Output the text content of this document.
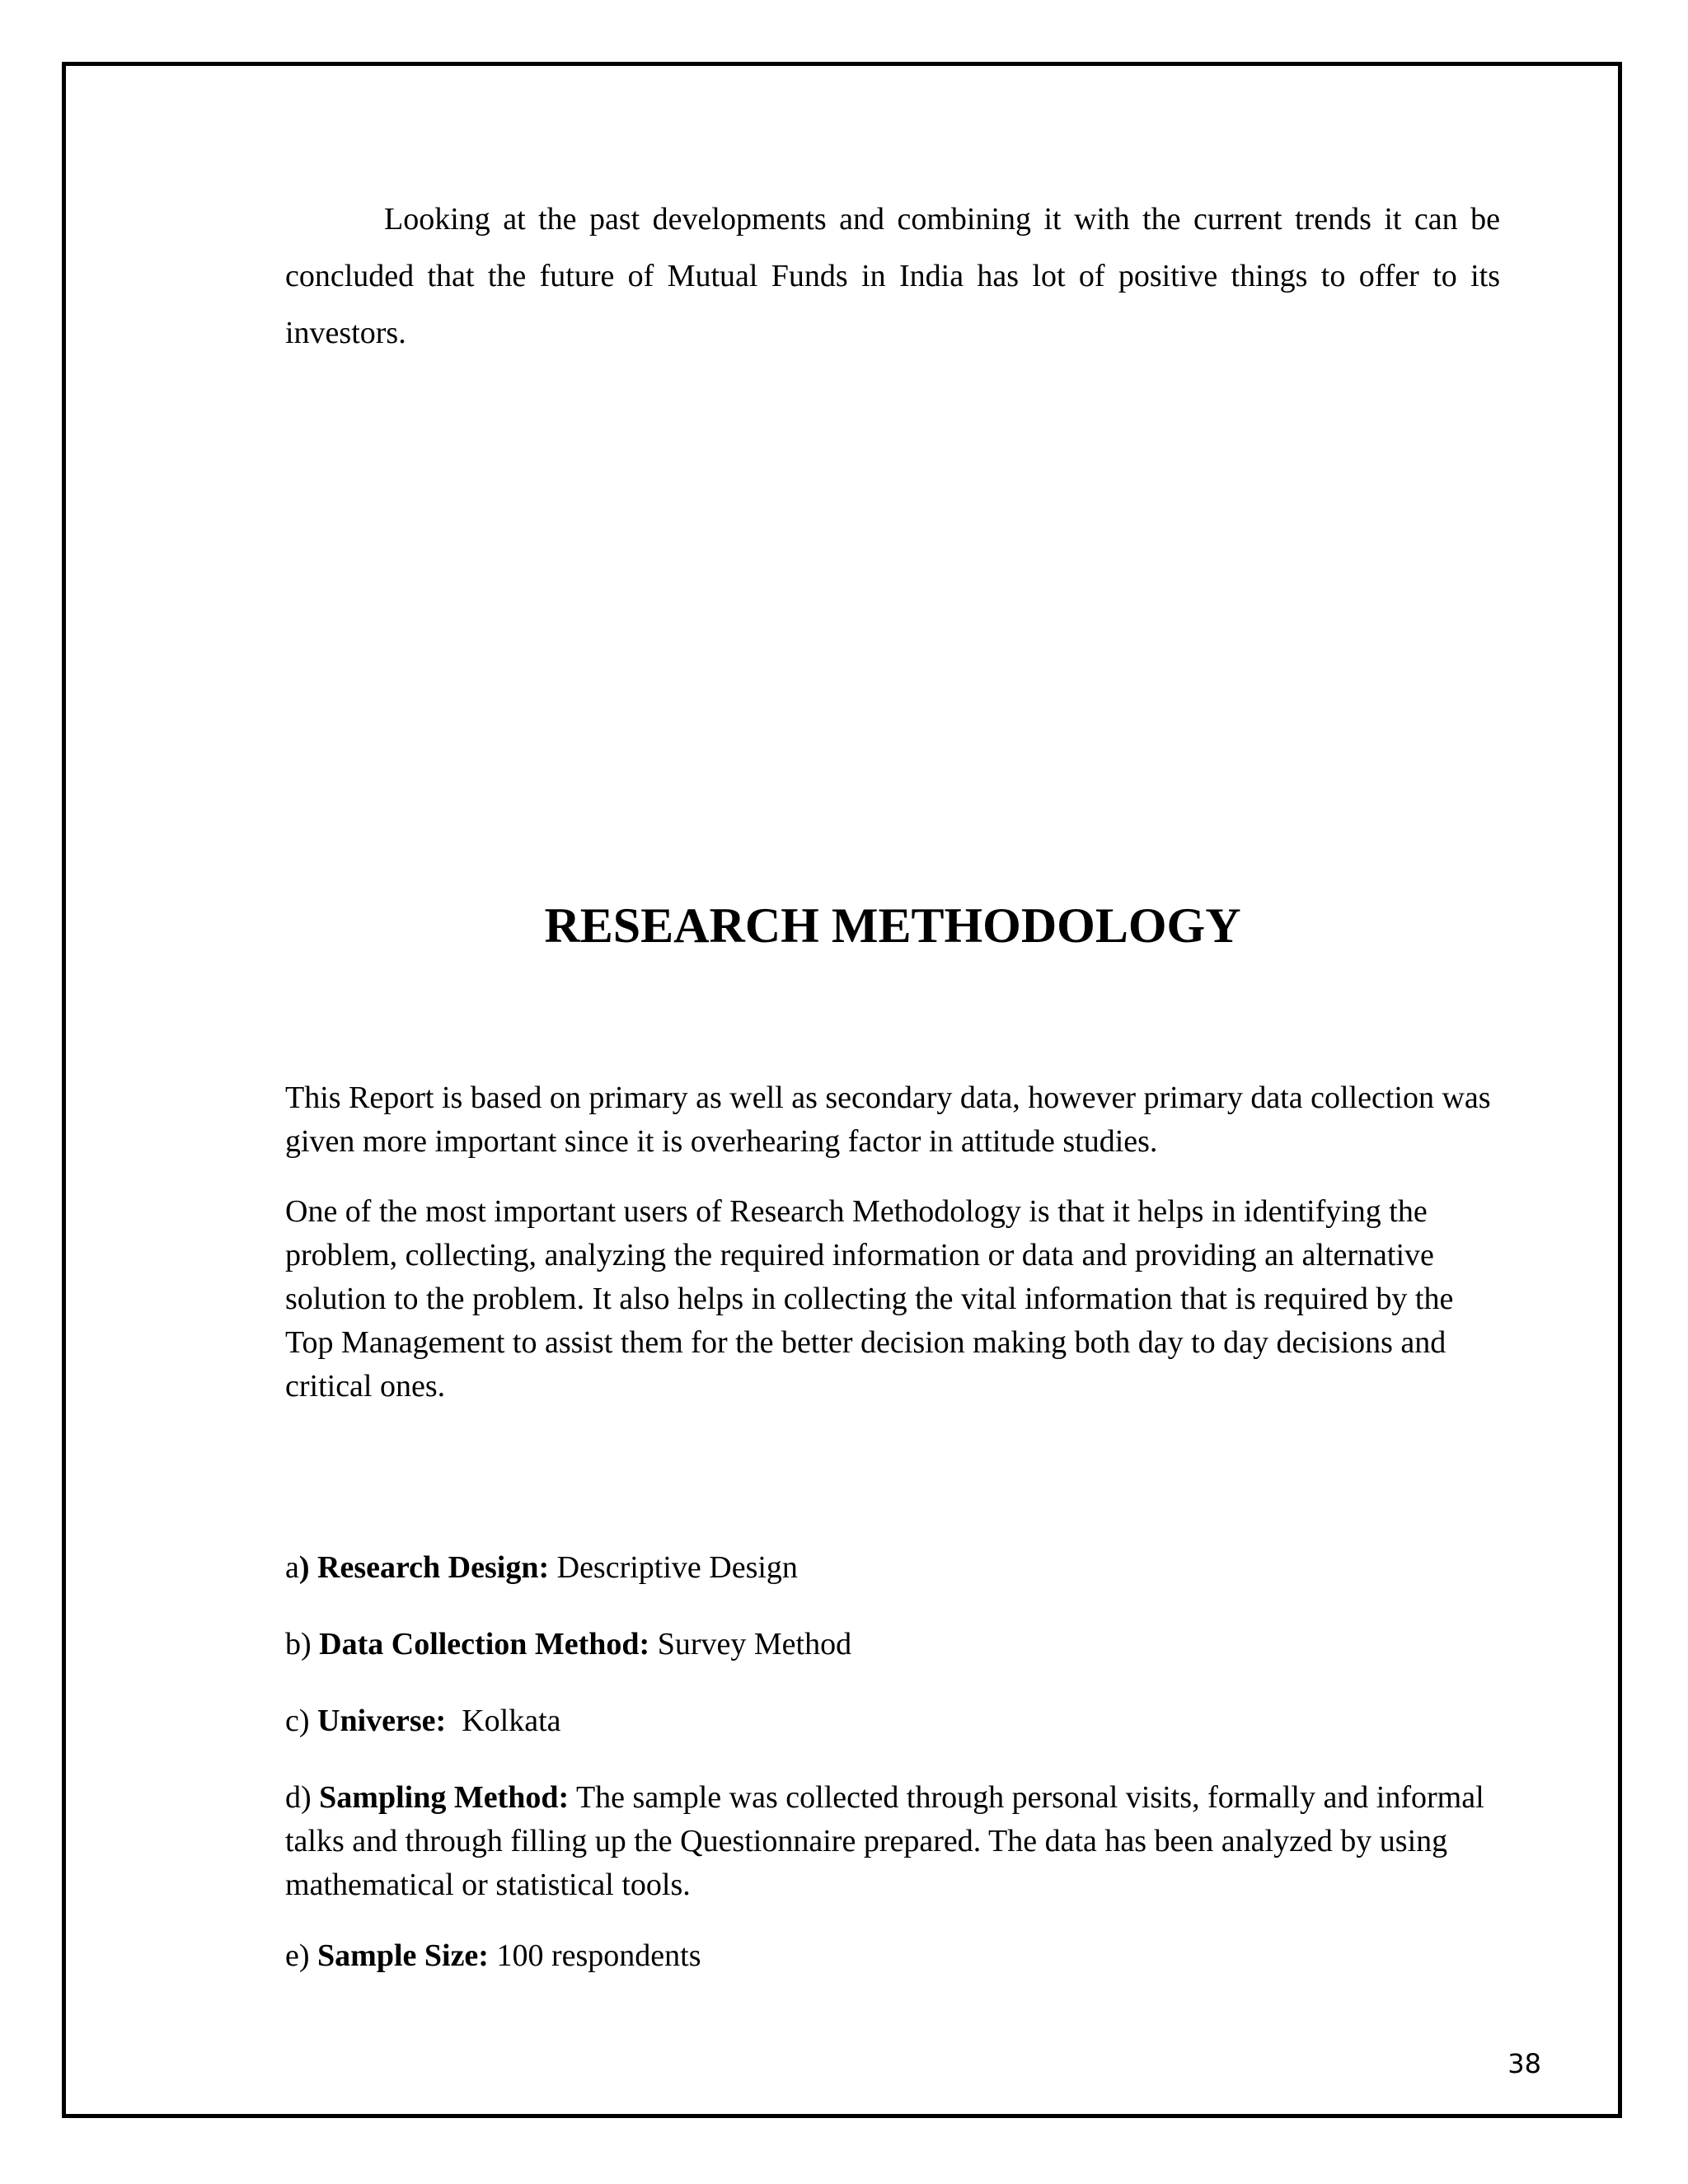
Looking at the past developments and combining it with the current trends it can be concluded that the future of Mutual Funds in India has lot of positive things to offer to its investors.

RESEARCH METHODOLOGY

This Report is based on primary as well as secondary data, however primary data collection was given more important since it is overhearing factor in attitude studies.

One of the most important users of Research Methodology is that it helps in identifying the problem, collecting, analyzing the required information or data and providing an alternative solution to the problem. It also helps in collecting the vital information that is required by the Top Management to assist them for the better decision making both day to day decisions and critical ones.

a) Research Design: Descriptive Design

b) Data Collection Method: Survey Method

c) Universe:  Kolkata

d) Sampling Method: The sample was collected through personal visits, formally and informal talks and through filling up the Questionnaire prepared. The data has been analyzed by using mathematical or statistical tools.

e) Sample Size: 100 respondents

38
